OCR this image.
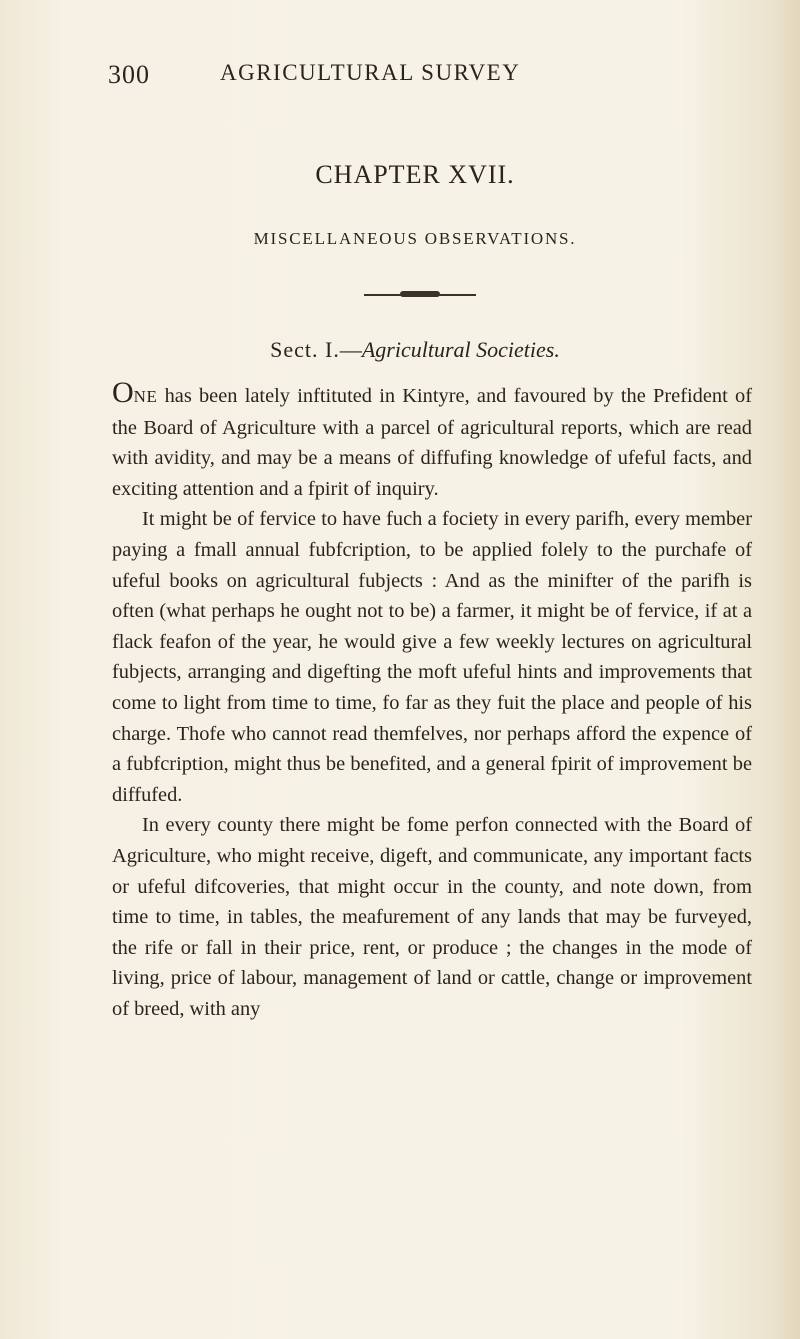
300	AGRICULTURAL SURVEY
CHAPTER XVII.
MISCELLANEOUS OBSERVATIONS.
Sect. I.—Agricultural Societies.

ONE has been lately inftituted in Kintyre, and favoured by the Prefident of the Board of Agriculture with a parcel of agricultural reports, which are read with avidity, and may be a means of diffufing knowledge of ufeful facts, and exciting attention and a fpirit of inquiry.

It might be of fervice to have fuch a fociety in every parifh, every member paying a fmall annual fubfcription, to be applied folely to the purchafe of ufeful books on agricultural fubjects : And as the minifter of the parifh is often (what perhaps he ought not to be) a farmer, it might be of fervice, if at a flack feafon of the year, he would give a few weekly lectures on agricultural fubjects, arranging and digefting the moft ufeful hints and improvements that come to light from time to time, fo far as they fuit the place and people of his charge. Thofe who cannot read themfelves, nor perhaps afford the expence of a fubfcription, might thus be benefited, and a general fpirit of improvement be diffufed.

In every county there might be fome perfon connected with the Board of Agriculture, who might receive, digeft, and communicate, any important facts or ufeful difcoveries, that might occur in the county, and note down, from time to time, in tables, the meafurement of any lands that may be furveyed, the rife or fall in their price, rent, or produce ; the changes in the mode of living, price of labour, management of land or cattle, change or improvement of breed, with any
